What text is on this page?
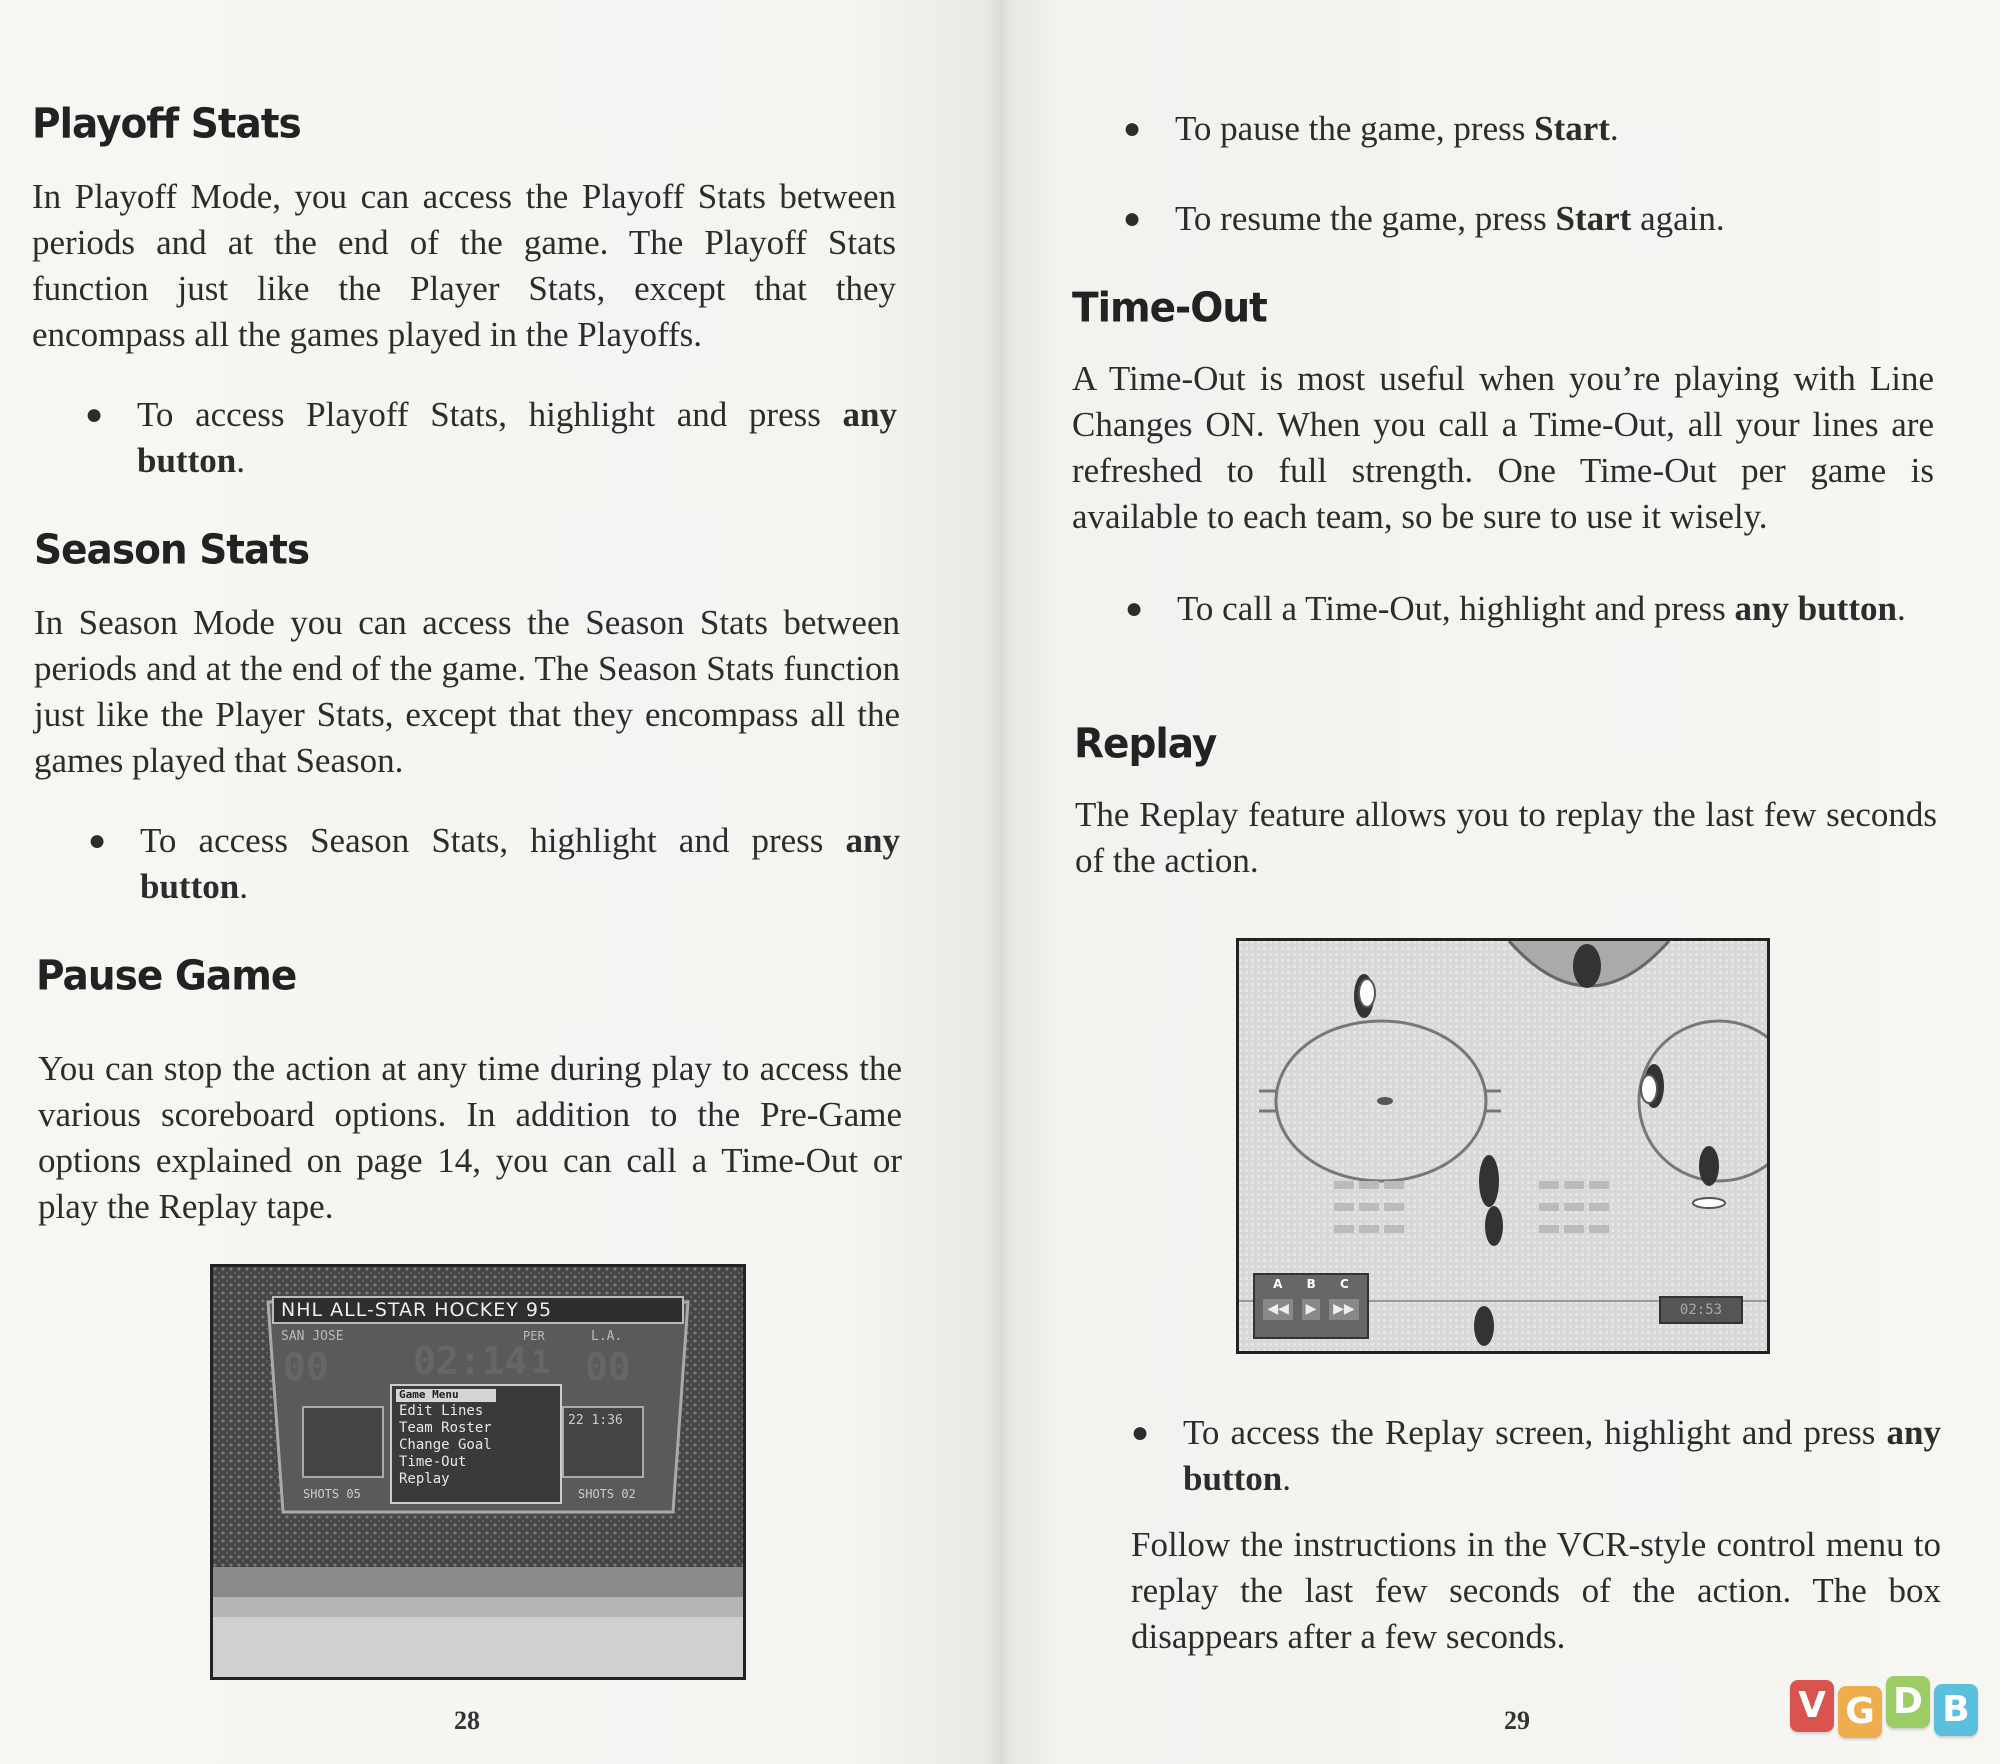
Playoff Stats

In Playoff Mode, you can access the Playoff Stats between periods and at the end of the game. The Playoff Stats function just like the Player Stats, except that they encompass all the games played in the Playoffs.

● To access Playoff Stats, highlight and press any button.

Season Stats

In Season Mode you can access the Season Stats between periods and at the end of the game. The Season Stats function just like the Player Stats, except that they encompass all the games played that Season.

● To access Season Stats, highlight and press any button.

Pause Game

You can stop the action at any time during play to access the various scoreboard options. In addition to the Pre-Game options explained on page 14, you can call a Time-Out or play the Replay tape.

NHL ALL-STAR HOCKEY 95
SAN JOSE	L.A.
00 02:14
PER
1 00
Game Menu
Edit Lines
Team Roster
Change Goal
Time-Out
Replay
22 1:36
SHOTS 05	SHOTS 02
28

● To pause the game, press Start.

● To resume the game, press Start again.

Time-Out

A Time-Out is most useful when you’re playing with Line Changes ON. When you call a Time-Out, all your lines are refreshed to full strength. One Time-Out per game is available to each team, so be sure to use it wisely.

● To call a Time-Out, highlight and press any button.

Replay

The Replay feature allows you to replay the last few seconds of the action.

A B C
◀◀ ▶ ▶▶	02:53

● To access the Replay screen, highlight and press any button.

Follow the instructions in the VCR-style control menu to replay the last few seconds of the action. The box disappears after a few seconds.

29	V G D B
